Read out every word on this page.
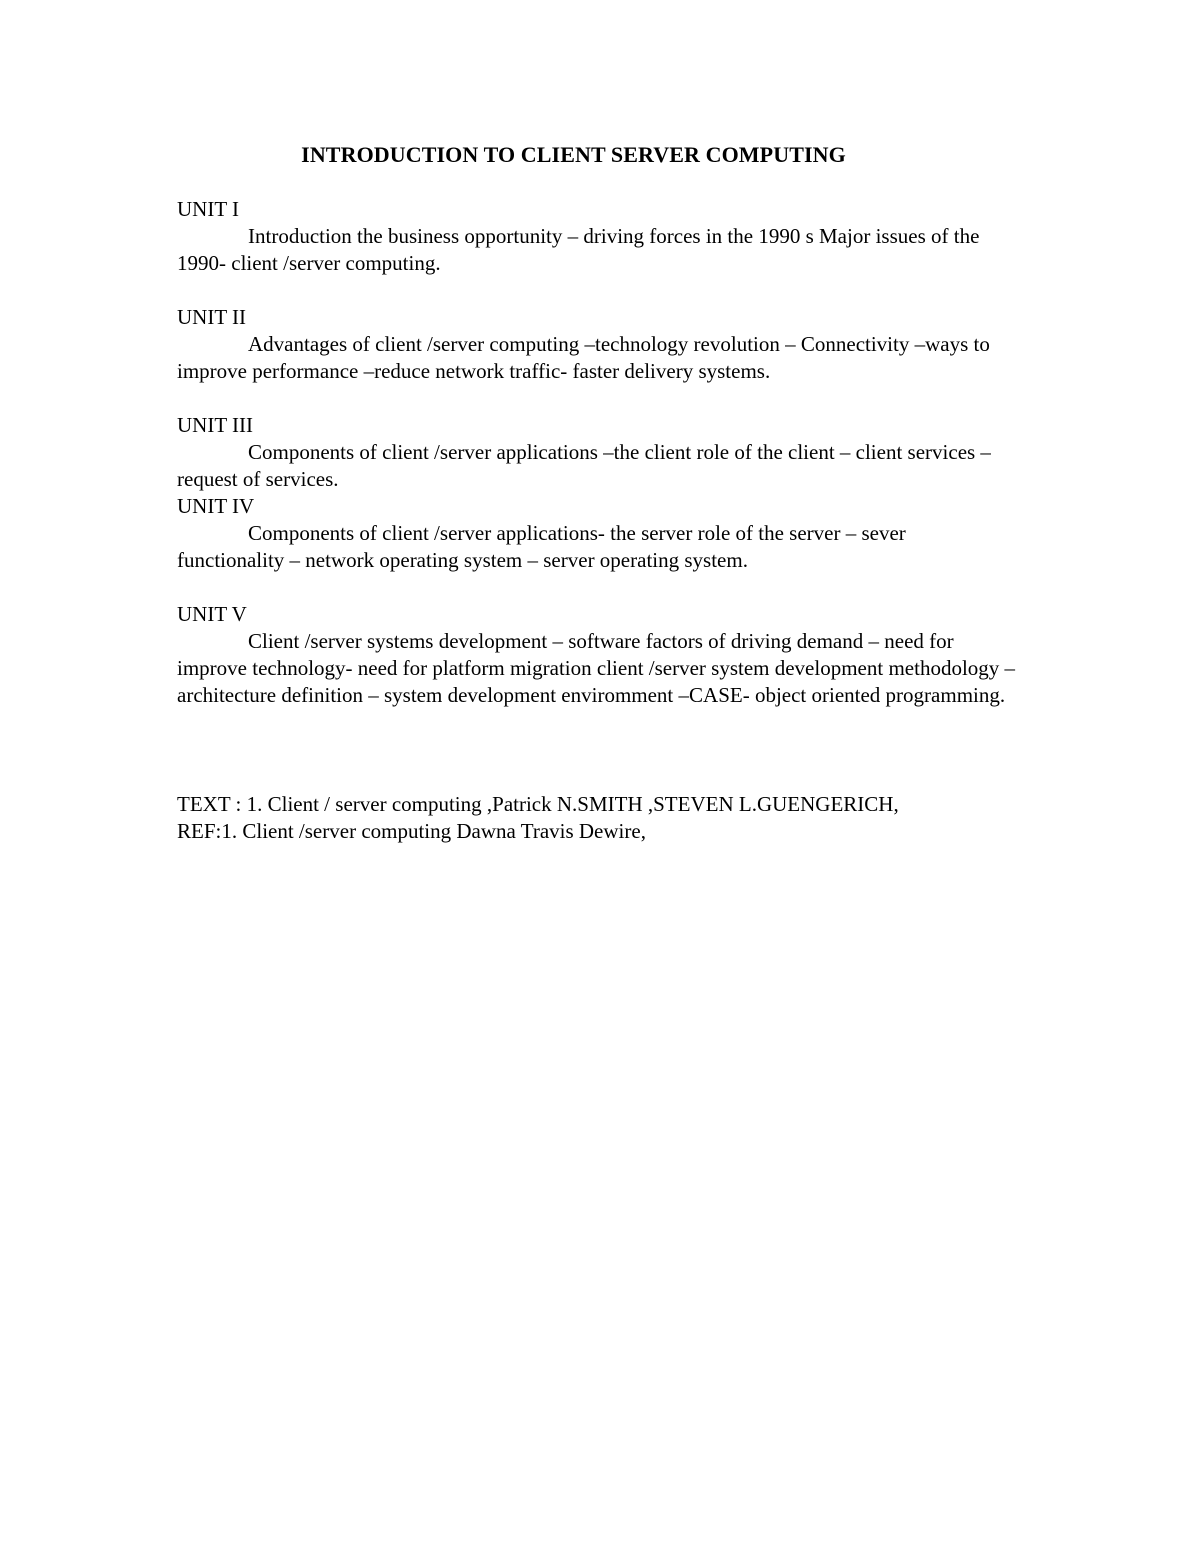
INTRODUCTION TO CLIENT SERVER COMPUTING
UNIT I
Introduction the business opportunity – driving forces in the 1990 s Major issues of the 1990- client /server computing.
UNIT II
Advantages of client /server computing –technology revolution – Connectivity –ways to improve performance –reduce network traffic- faster delivery systems.
UNIT III
Components of client /server applications –the client role of the client – client services – request of services.
UNIT IV
Components of client /server applications- the server role of the server – sever functionality – network operating system – server operating system.
UNIT V
Client /server systems development – software factors of driving demand – need for improve technology- need for platform migration client /server system development methodology – architecture definition – system development enviromment –CASE- object oriented programming.
TEXT : 1. Client / server computing ,Patrick N.SMITH ,STEVEN L.GUENGERICH,
REF:1. Client /server computing Dawna Travis Dewire,
